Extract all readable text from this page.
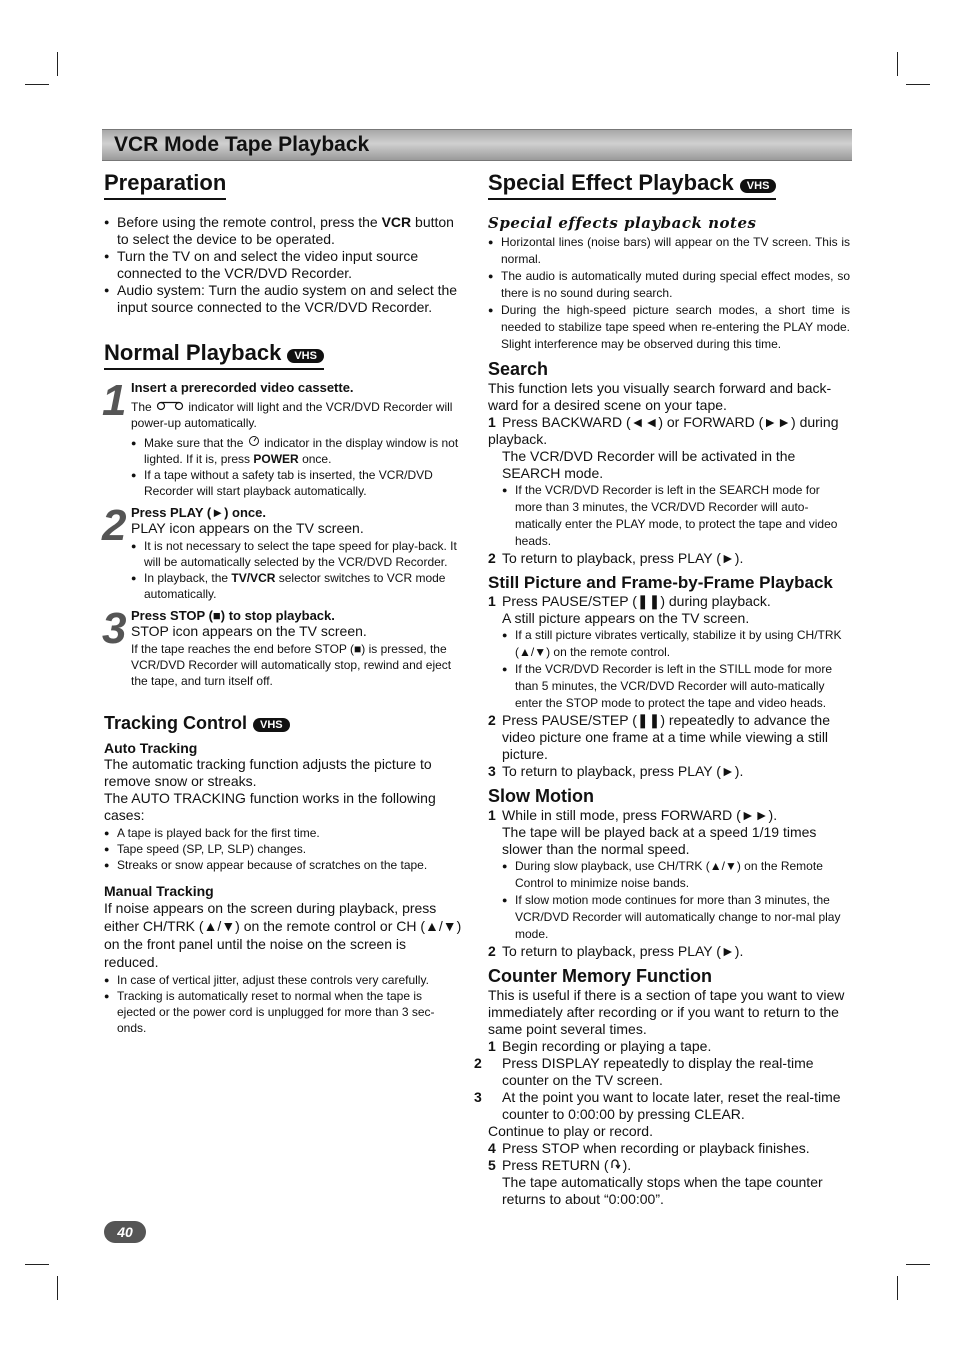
VCR Mode Tape Playback
Preparation
● Before using the remote control, press the VCR button to select the device to be operated.
● Turn the TV on and select the video input source connected to the VCR/DVD Recorder.
● Audio system: Turn the audio system on and select the input source connected to the VCR/DVD Recorder.
Normal Playback VHS
1 Insert a prerecorded video cassette.

The	indicator will light and the VCR/DVD Recorder will power-up automatically.

● Make sure that the  indicator in the display window is not lighted. If it is, press POWER once.
● If a tape without a safety tab is inserted, the VCR/DVD Recorder will start playback automatically.
2 Press PLAY (►) once.

PLAY icon appears on the TV screen.

● It is not necessary to select the tape speed for play-back. It will be automatically selected by the VCR/DVD Recorder.
● In playback, the TV/VCR selector switches to VCR mode automatically.
3 Press STOP (■) to stop playback.

STOP icon appears on the TV screen.

If the tape reaches the end before STOP (■) is pressed, the VCR/DVD Recorder will automatically stop, rewind and eject the tape, and turn itself off.

Tracking Control VHS
Auto Tracking

The automatic tracking function adjusts the picture to remove snow or streaks.

The AUTO TRACKING function works in the following cases:

● A tape is played back for the first time.
● Tape speed (SP, LP, SLP) changes.
● Streaks or snow appear because of scratches on the tape.
Manual Tracking

If noise appears on the screen during playback, press either CH/TRK (▲/▼) on the remote control or CH (▲/▼) on the front panel until the noise on the screen is reduced.

● In case of vertical jitter, adjust these controls very carefully.
● Tracking is automatically reset to normal when the tape is ejected or the power cord is unplugged for more than 3 sec-onds.
Special Effect Playback VHS
Special effects playback notes
● Horizontal lines (noise bars) will appear on the TV screen. This is normal.
● The audio is automatically muted during special effect modes, so there is no sound during search.
● During the high-speed picture search modes, a short time is needed to stabilize tape speed when re-entering the PLAY mode. Slight interference may be observed during this time.
Search

This function lets you visually search forward and back-ward for a desired scene on your tape.

1 Press BACKWARD (◄◄) or FORWARD (►►) during playback.

The VCR/DVD Recorder will be activated in the SEARCH mode.

● If the VCR/DVD Recorder is left in the SEARCH mode for more than 3 minutes, the VCR/DVD Recorder will auto-matically enter the PLAY mode, to protect the tape and video heads.

2 To return to playback, press PLAY (►).

Still Picture and Frame-by-Frame Playback

1 Press PAUSE/STEP (❚❚) during playback.

A still picture appears on the TV screen.

● If a still picture vibrates vertically, stabilize it by using CH/TRK (▲/▼) on the remote control.
● If the VCR/DVD Recorder is left in the STILL mode for more than 5 minutes, the VCR/DVD Recorder will auto-matically enter the STOP mode to protect the tape and video heads.

2 Press PAUSE/STEP (❚❚) repeatedly to advance the video picture one frame at a time while viewing a still picture.

3 To return to playback, press PLAY (►).

Slow Motion

1 While in still mode, press FORWARD (►►).

The tape will be played back at a speed 1/19 times slower than the normal speed.

● During slow playback, use CH/TRK (▲/▼) on the Remote Control to minimize noise bands.
● If slow motion mode continues for more than 3 minutes, the VCR/DVD Recorder will automatically change to nor-mal play mode.

2 To return to playback, press PLAY (►).

Counter Memory Function

This is useful if there is a section of tape you want to view immediately after recording or if you want to return to the same point several times.

1 Begin recording or playing a tape.

2 Press DISPLAY repeatedly to display the real-time counter on the TV screen.

3 At the point you want to locate later, reset the real-time counter to 0:00:00 by pressing CLEAR.

Continue to play or record.

4 Press STOP when recording or playback finishes.

5 Press RETURN ( ).

The tape automatically stops when the tape counter returns to about “0:00:00”.

40
